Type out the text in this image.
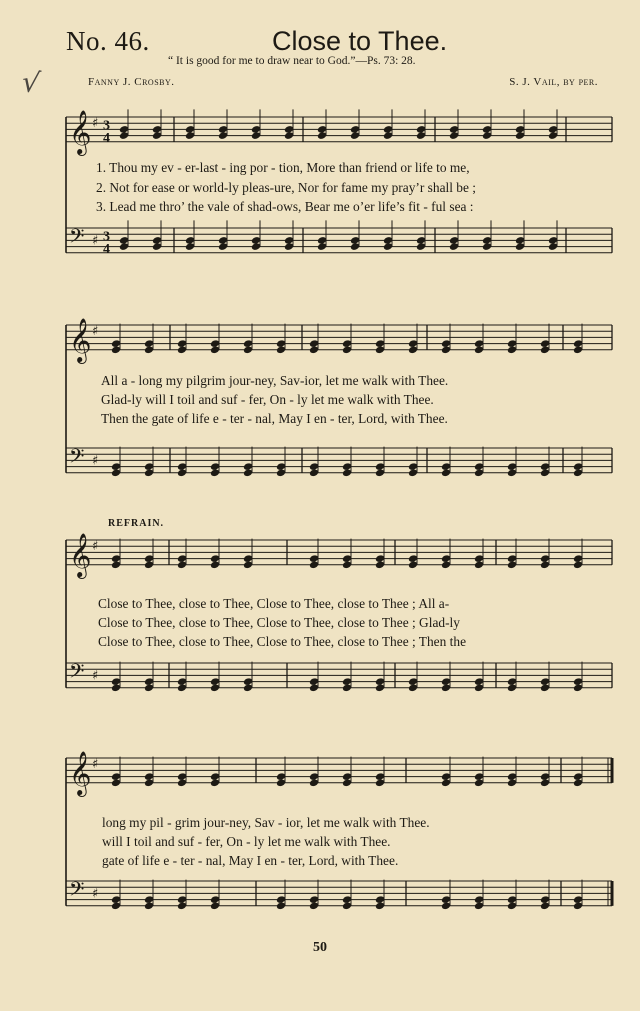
No. 46.	Close to Thee.
“ It is good for me to draw near to God.”—Ps. 73: 28.
Fanny J. Crosby.	S. J. Vail, by per.
√
𝄞 ♯ 3
4
𝄢 ♯ 3
4
𝄞 ♯
𝄢 ♯
𝄞 ♯
𝄢 ♯
𝄞 ♯
𝄢 ♯
1. Thou my ev - er-last - ing por - tion, More than friend or life to me,
2. Not for ease or world-ly pleas-ure, Nor for fame my pray’r shall be ;
3. Lead me thro’ the vale of shad-ows, Bear me o’er life’s fit - ful sea :
All a - long my pilgrim jour-ney, Sav-ior, let me walk with Thee.
Glad-ly will I toil and suf - fer, On - ly let me walk with Thee.
Then the gate of life e - ter - nal, May I en - ter, Lord, with Thee.
REFRAIN.
Close to Thee, close to Thee, Close to Thee, close to Thee ; All a-
Close to Thee, close to Thee, Close to Thee, close to Thee ; Glad-ly
Close to Thee, close to Thee, Close to Thee, close to Thee ; Then the
long my pil - grim jour-ney, Sav - ior, let me walk with Thee.
will I toil and suf - fer, On - ly let me walk with Thee.
gate of life e - ter - nal, May I en - ter, Lord, with Thee.
50
